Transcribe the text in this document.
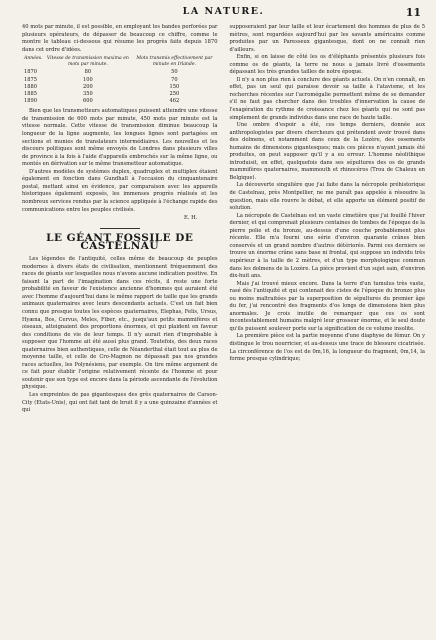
LA NATURE.	11

40 mots par minute, il est possible, en employant les bandes perforées par plusieurs opérateurs, de dépasser de beaucoup ce chiffre, comme le montre le tableau ci-dessous qui résume les progrès faits depuis 1870 dans cet ordre d'idées.

Années.	Vitesse de transmission maxima en mots par minute.	Mots transmis effectivement par minute en Irlande.
1870	80	50
1875	100	70
1880	200	150
1885	350	250
1890	600	462

Bien que les transmetteurs automatiques puissent atteindre une vitesse de transmission de 600 mots par minute, 450 mots par minute est la vitesse normale. Cette vitesse de transmission diminue beaucoup la longueur de la ligne augmente, les longues lignes sont partagées en sections et munies de translateurs intermédiaires. Les nouvelles et les discours politiques sont même envoyés de Londres dans plusieurs villes de province à la fois à l'aide d'appareils embrochés sur la même ligne, ou montés en dérivation sur le même transmetteur automatique.

D'autres modèles de systèmes duplex, quadruplex et multiplex étaient également en fonction dans Gundhall à l'occasion du cinquantenaire postal, mettant ainsi en évidence, par comparaison avec les appareils historiques également exposés, les immenses progrès réalisés et les nombreux services rendus par la science appliquée à l'échange rapide des communications entre les peuples civilisés.

E. H.
LE GÉANT FOSSILE DE CASTELNAU

Les légendes de l'antiquité, celles même de beaucoup de peuples modernes à divers états de civilisation, mentionnent fréquemment des races de géants sur lesquelles nous n'avons aucune indication positive. En faisant la part de l'imagination dans ces récits, il reste une forte probabilité en faveur de l'existence ancienne d'hommes qui auraient été avec l'homme d'aujourd'hui dans le même rapport de taille que les grands animaux quaternaires avec leurs descendants actuels. C'est un fait bien connu que presque toutes les espèces quaternaires, Elephas, Felis, Ursus, Hyæna, Bos, Cervus, Meles, Fiber, etc., jusqu'aux petits mammifères et oiseaux, atteignaient des proportions énormes, et qui plaident en faveur des conditions de vie de leur temps. Il n'y aurait rien d'improbable à supposer que l'homme ait été aussi plus grand. Toutefois, des deux races quaternaires bien authentiques, celle de Néanderthal était tout au plus de moyenne taille, et celle de Cro-Magnon ne dépassait pas nos grandes races actuelles, les Polynésiens, par exemple. On tire même argument de ce fait pour établir l'origine relativement récente de l'homme et pour soutenir que son type est encore dans la période ascendante de l'évolution physique.

Les empreintes de pas gigantesques des grès quaternaires de Carson-City (Etats-Unis), qui ont fait tant de bruit il y a une quinzaine d'années et qui

supposeraient par leur taille et leur écartement des hommes de plus de 5 mètres, sont regardées aujourd'hui par les savants américains comme produites par un Paresseux gigantesque, dont on ne connaît rien d'ailleurs.

Enfin, si on laisse de côté les os d'éléphants présentés plusieurs fois comme os de géants, la terre ne nous a jamais livré d'ossements dépassant les très grandes tailles de notre époque.

Il n'y a non plus rien à conclure des géants actuels. On n'en connaît, en effet, pas un seul qui paraisse devoir sa taille à l'atavisme, et les recherches récentes sur l'acromégalie permettent même de se demander s'il ne faut pas chercher dans des troubles d'innervation la cause de l'exagération du rythme de croissance chez les géants qui ne sont pas simplement de grands individus dans une race de haute taille.

Une ombre d'espoir a été, ces temps derniers, donnée aux anthropologistes par divers chercheurs qui prétendent avoir trouvé dans des dolmens, et notamment dans ceux de la Lozère, des ossements humains de dimensions gigantesques; mais ces pièces n'ayant jamais été produites, on peut supposer qu'il y a eu erreur. L'homme néolithique introduisit, en effet, quelquefois dans ses sépultures des os de grands mammifères quaternaires, mammouth et rhinocéros (Trou de Chaleux en Belgique).

La découverte singulière que j'ai faite dans la nécropole préhistorique de Castelnau, près Montpellier, ne me paraît pas appelée à résoudre la question, mais elle rouvre le débat, et elle apporte un élément positif de solution.

La nécropole de Castelnau est un vaste cimetière que j'ai fouillé l'hiver dernier, et qui comprenait plusieurs centaines de tombes de l'époque de la pierre polie et du bronze, au-dessus d'une couche probablement plus récente. Elle m'a fourni une série d'environ quarante crânes bien conservés et un grand nombre d'autres détériorés. Parmi ces derniers se trouve un énorme crâne sans base ni frontal, qui suppose un individu très supérieur à la taille de 2 mètres, et d'un type morphologique commun dans les dolmens de la Lozère. La pièce provient d'un sujet sain, d'environ dix-huit ans.

Mais j'ai trouvé mieux encore. Dans la terre d'un tumulus très vaste, rasé dès l'antiquité et qui contenait des cistes de l'époque du bronze plus ou moins maltraitées par la superposition de sépultures du premier âge du fer, j'ai rencontré des fragments d'os longs de dimensions bien plus anormales. Je crois inutile de remarquer que ces os sont incontestablement humains malgré leur grosseur énorme, et le seul doute qu'ils puissent soulever porte sur la signification de ce volume insolite.

La première pièce est la partie moyenne d'une diaphyse de fémur. On y distingue le trou nourricier, et au-dessus une trace de blessure cicatrisée. La circonférence de l'os est de 0m,16, la longueur du fragment, 0m,14, la forme presque cylindrique;
